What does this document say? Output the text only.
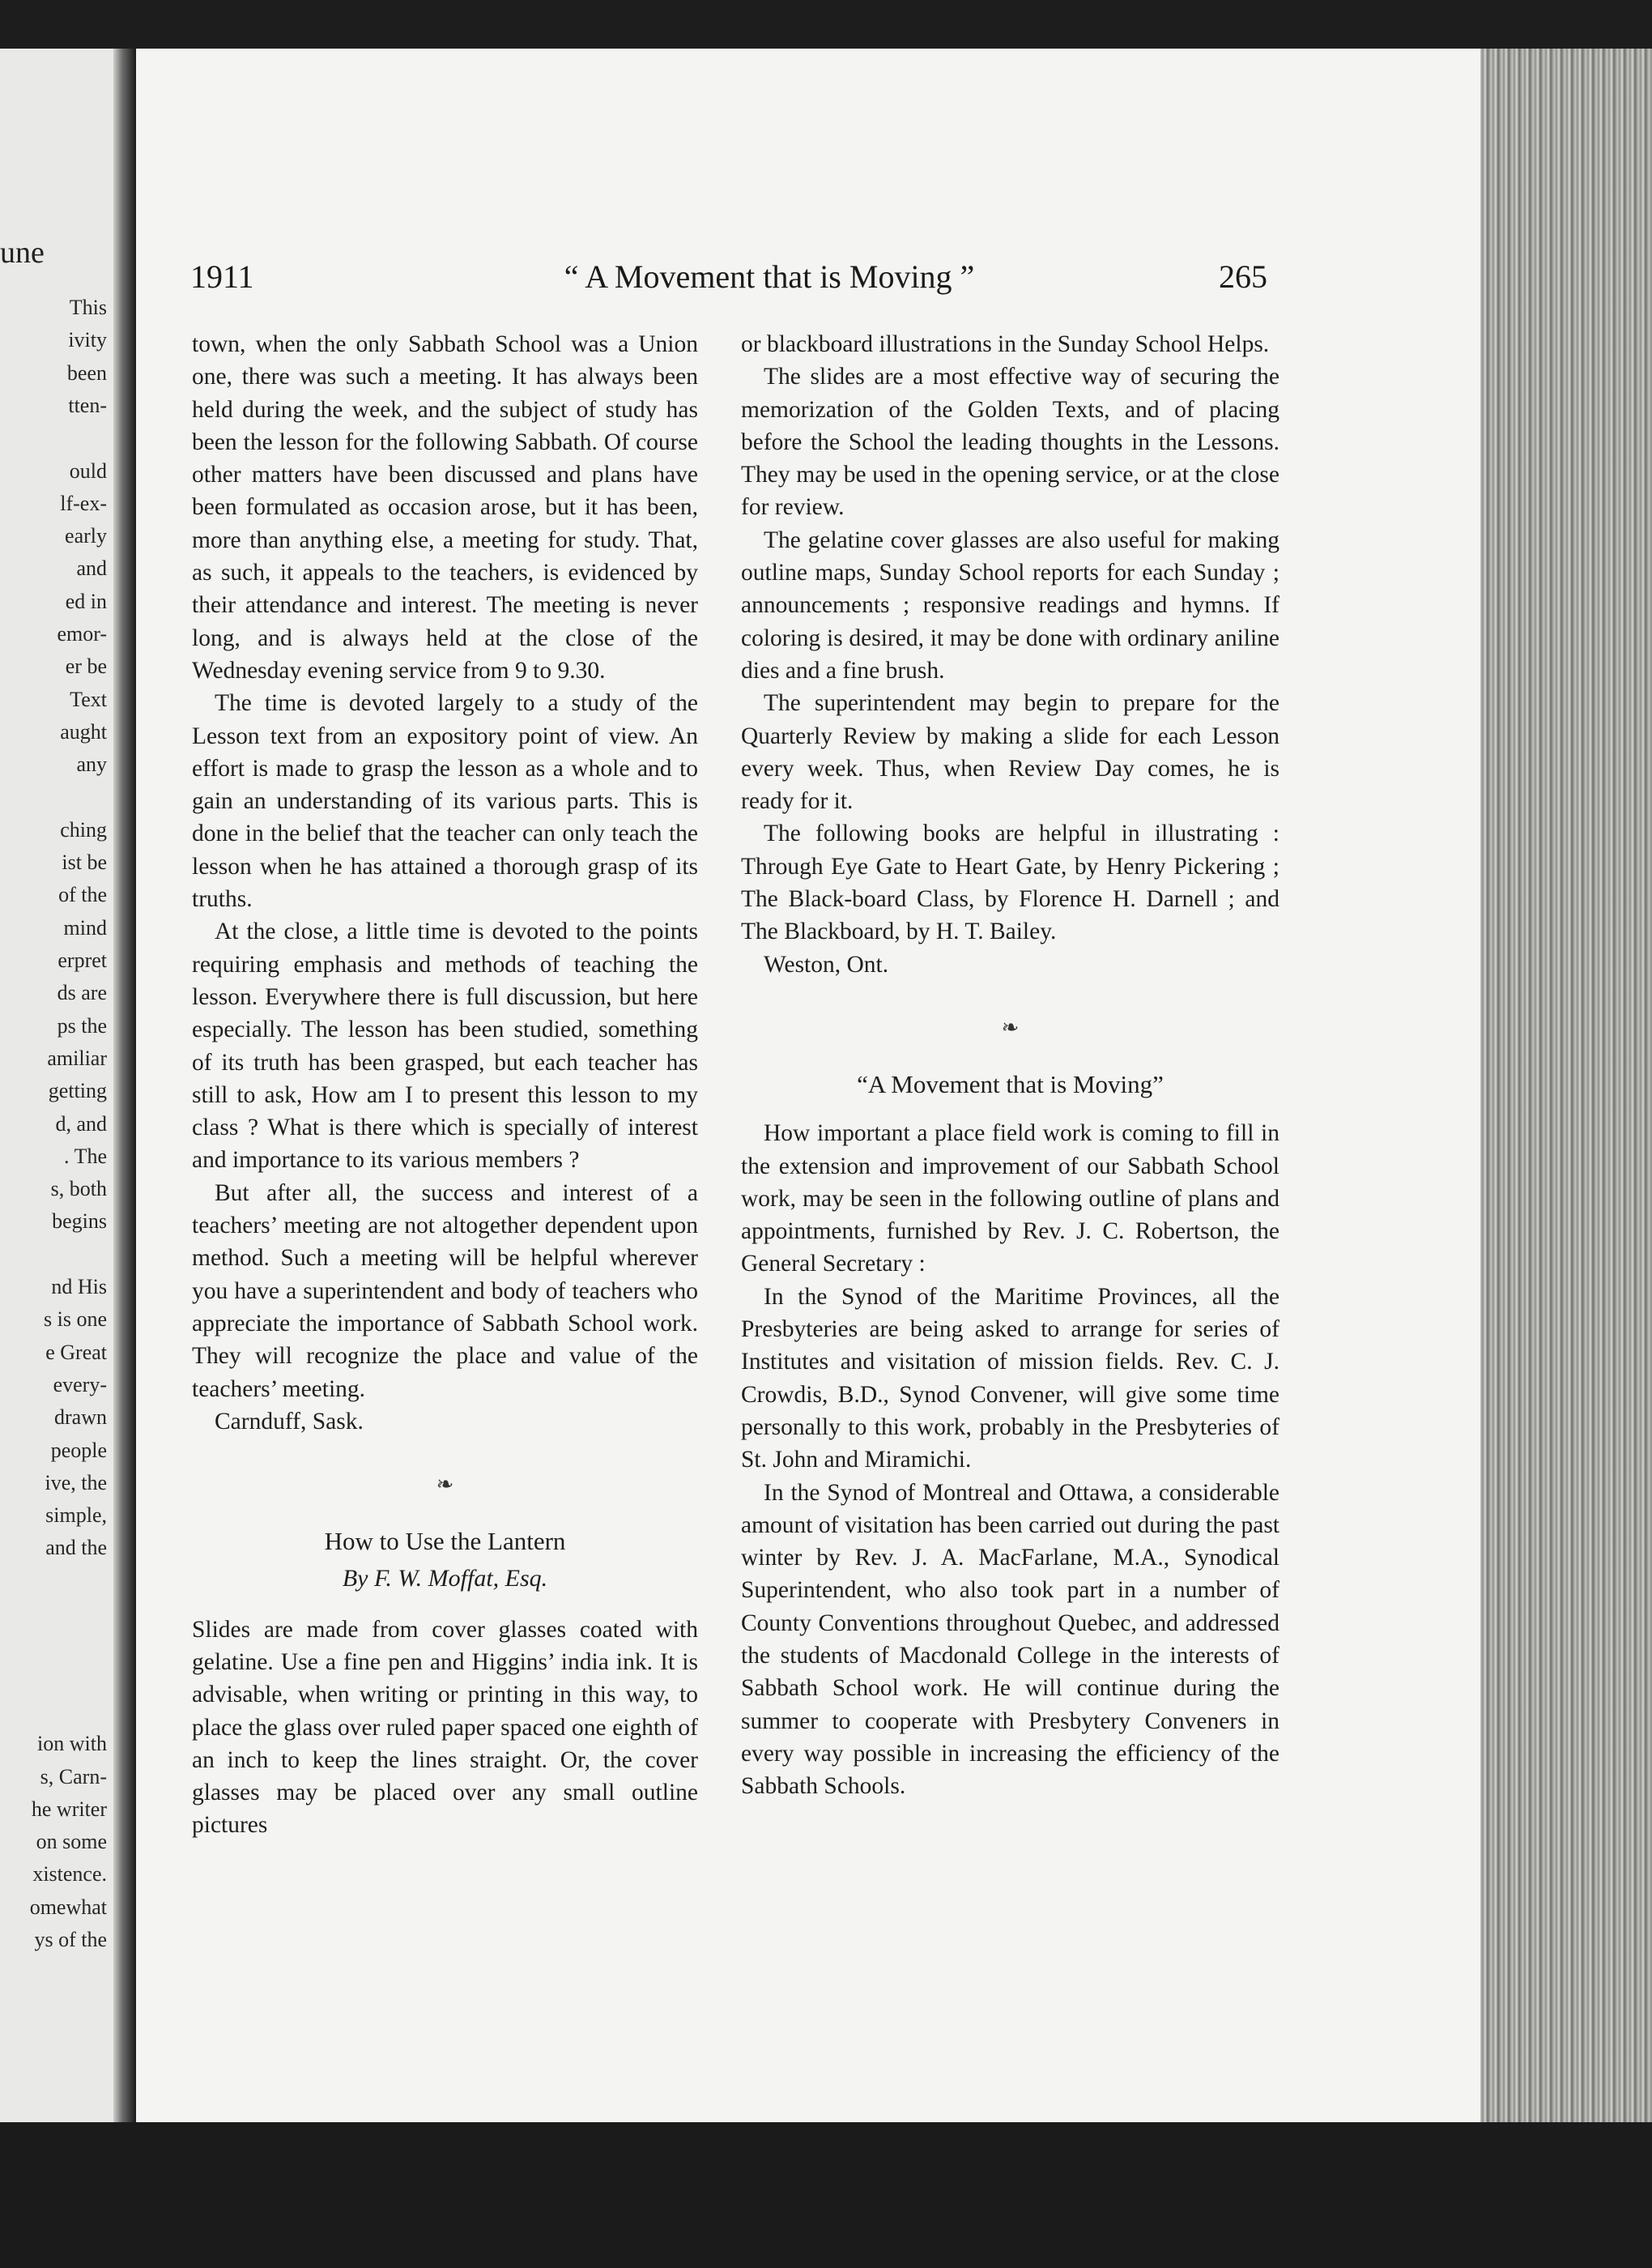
une
This
ivity
been
tten-
ould
lf-ex-
early
and
ed in
emor-
er be
Text
aught
any
ching
ist be
of the
mind
erpret
ds are
ps the
amiliar
getting
d, and
. The
s, both
begins
nd His
s is one
e Great
every-
drawn
people
ive, the
simple,
and the
ion with
s, Carn-
he writer
on some
xistence.
omewhat
ys of the
1911	“ A Movement that is Moving ”	265

town, when the only Sabbath School was a Union one, there was such a meeting. It has always been held during the week, and the subject of study has been the lesson for the following Sabbath. Of course other matters have been discussed and plans have been formulated as occasion arose, but it has been, more than anything else, a meeting for study. That, as such, it appeals to the teachers, is evidenced by their attendance and interest. The meeting is never long, and is always held at the close of the Wednesday evening service from 9 to 9.30.

The time is devoted largely to a study of the Lesson text from an expository point of view. An effort is made to grasp the lesson as a whole and to gain an understanding of its various parts. This is done in the belief that the teacher can only teach the lesson when he has attained a thorough grasp of its truths.

At the close, a little time is devoted to the points requiring emphasis and methods of teaching the lesson. Everywhere there is full discussion, but here especially. The lesson has been studied, something of its truth has been grasped, but each teacher has still to ask, How am I to present this lesson to my class ? What is there which is specially of interest and importance to its various members ?

But after all, the success and interest of a teachers’ meeting are not altogether dependent upon method. Such a meeting will be helpful wherever you have a superintendent and body of teachers who appreciate the importance of Sabbath School work. They will recognize the place and value of the teachers’ meeting.

Carnduff, Sask.
❧
How to Use the Lantern
By F. W. Moffat, Esq.

Slides are made from cover glasses coated with gelatine. Use a fine pen and Higgins’ india ink. It is advisable, when writing or printing in this way, to place the glass over ruled paper spaced one eighth of an inch to keep the lines straight. Or, the cover glasses may be placed over any small outline pictures

or blackboard illustrations in the Sunday School Helps.

The slides are a most effective way of securing the memorization of the Golden Texts, and of placing before the School the leading thoughts in the Lessons. They may be used in the opening service, or at the close for review.

The gelatine cover glasses are also useful for making outline maps, Sunday School reports for each Sunday ; announcements ; responsive readings and hymns. If coloring is desired, it may be done with ordinary aniline dies and a fine brush.

The superintendent may begin to prepare for the Quarterly Review by making a slide for each Lesson every week. Thus, when Review Day comes, he is ready for it.

The following books are helpful in illustrating : Through Eye Gate to Heart Gate, by Henry Pickering ; The Black-board Class, by Florence H. Darnell ; and The Blackboard, by H. T. Bailey.

Weston, Ont.
❧
“A Movement that is Moving”

How important a place field work is coming to fill in the extension and improvement of our Sabbath School work, may be seen in the following outline of plans and appointments, furnished by Rev. J. C. Robertson, the General Secretary :

In the Synod of the Maritime Provinces, all the Presbyteries are being asked to arrange for series of Institutes and visitation of mission fields. Rev. C. J. Crowdis, B.D., Synod Convener, will give some time personally to this work, probably in the Presbyteries of St. John and Miramichi.

In the Synod of Montreal and Ottawa, a considerable amount of visitation has been carried out during the past winter by Rev. J. A. MacFarlane, M.A., Synodical Superintendent, who also took part in a number of County Conventions throughout Quebec, and addressed the students of Macdonald College in the interests of Sabbath School work. He will continue during the summer to cooperate with Presbytery Conveners in every way possible in increasing the efficiency of the Sabbath Schools.
